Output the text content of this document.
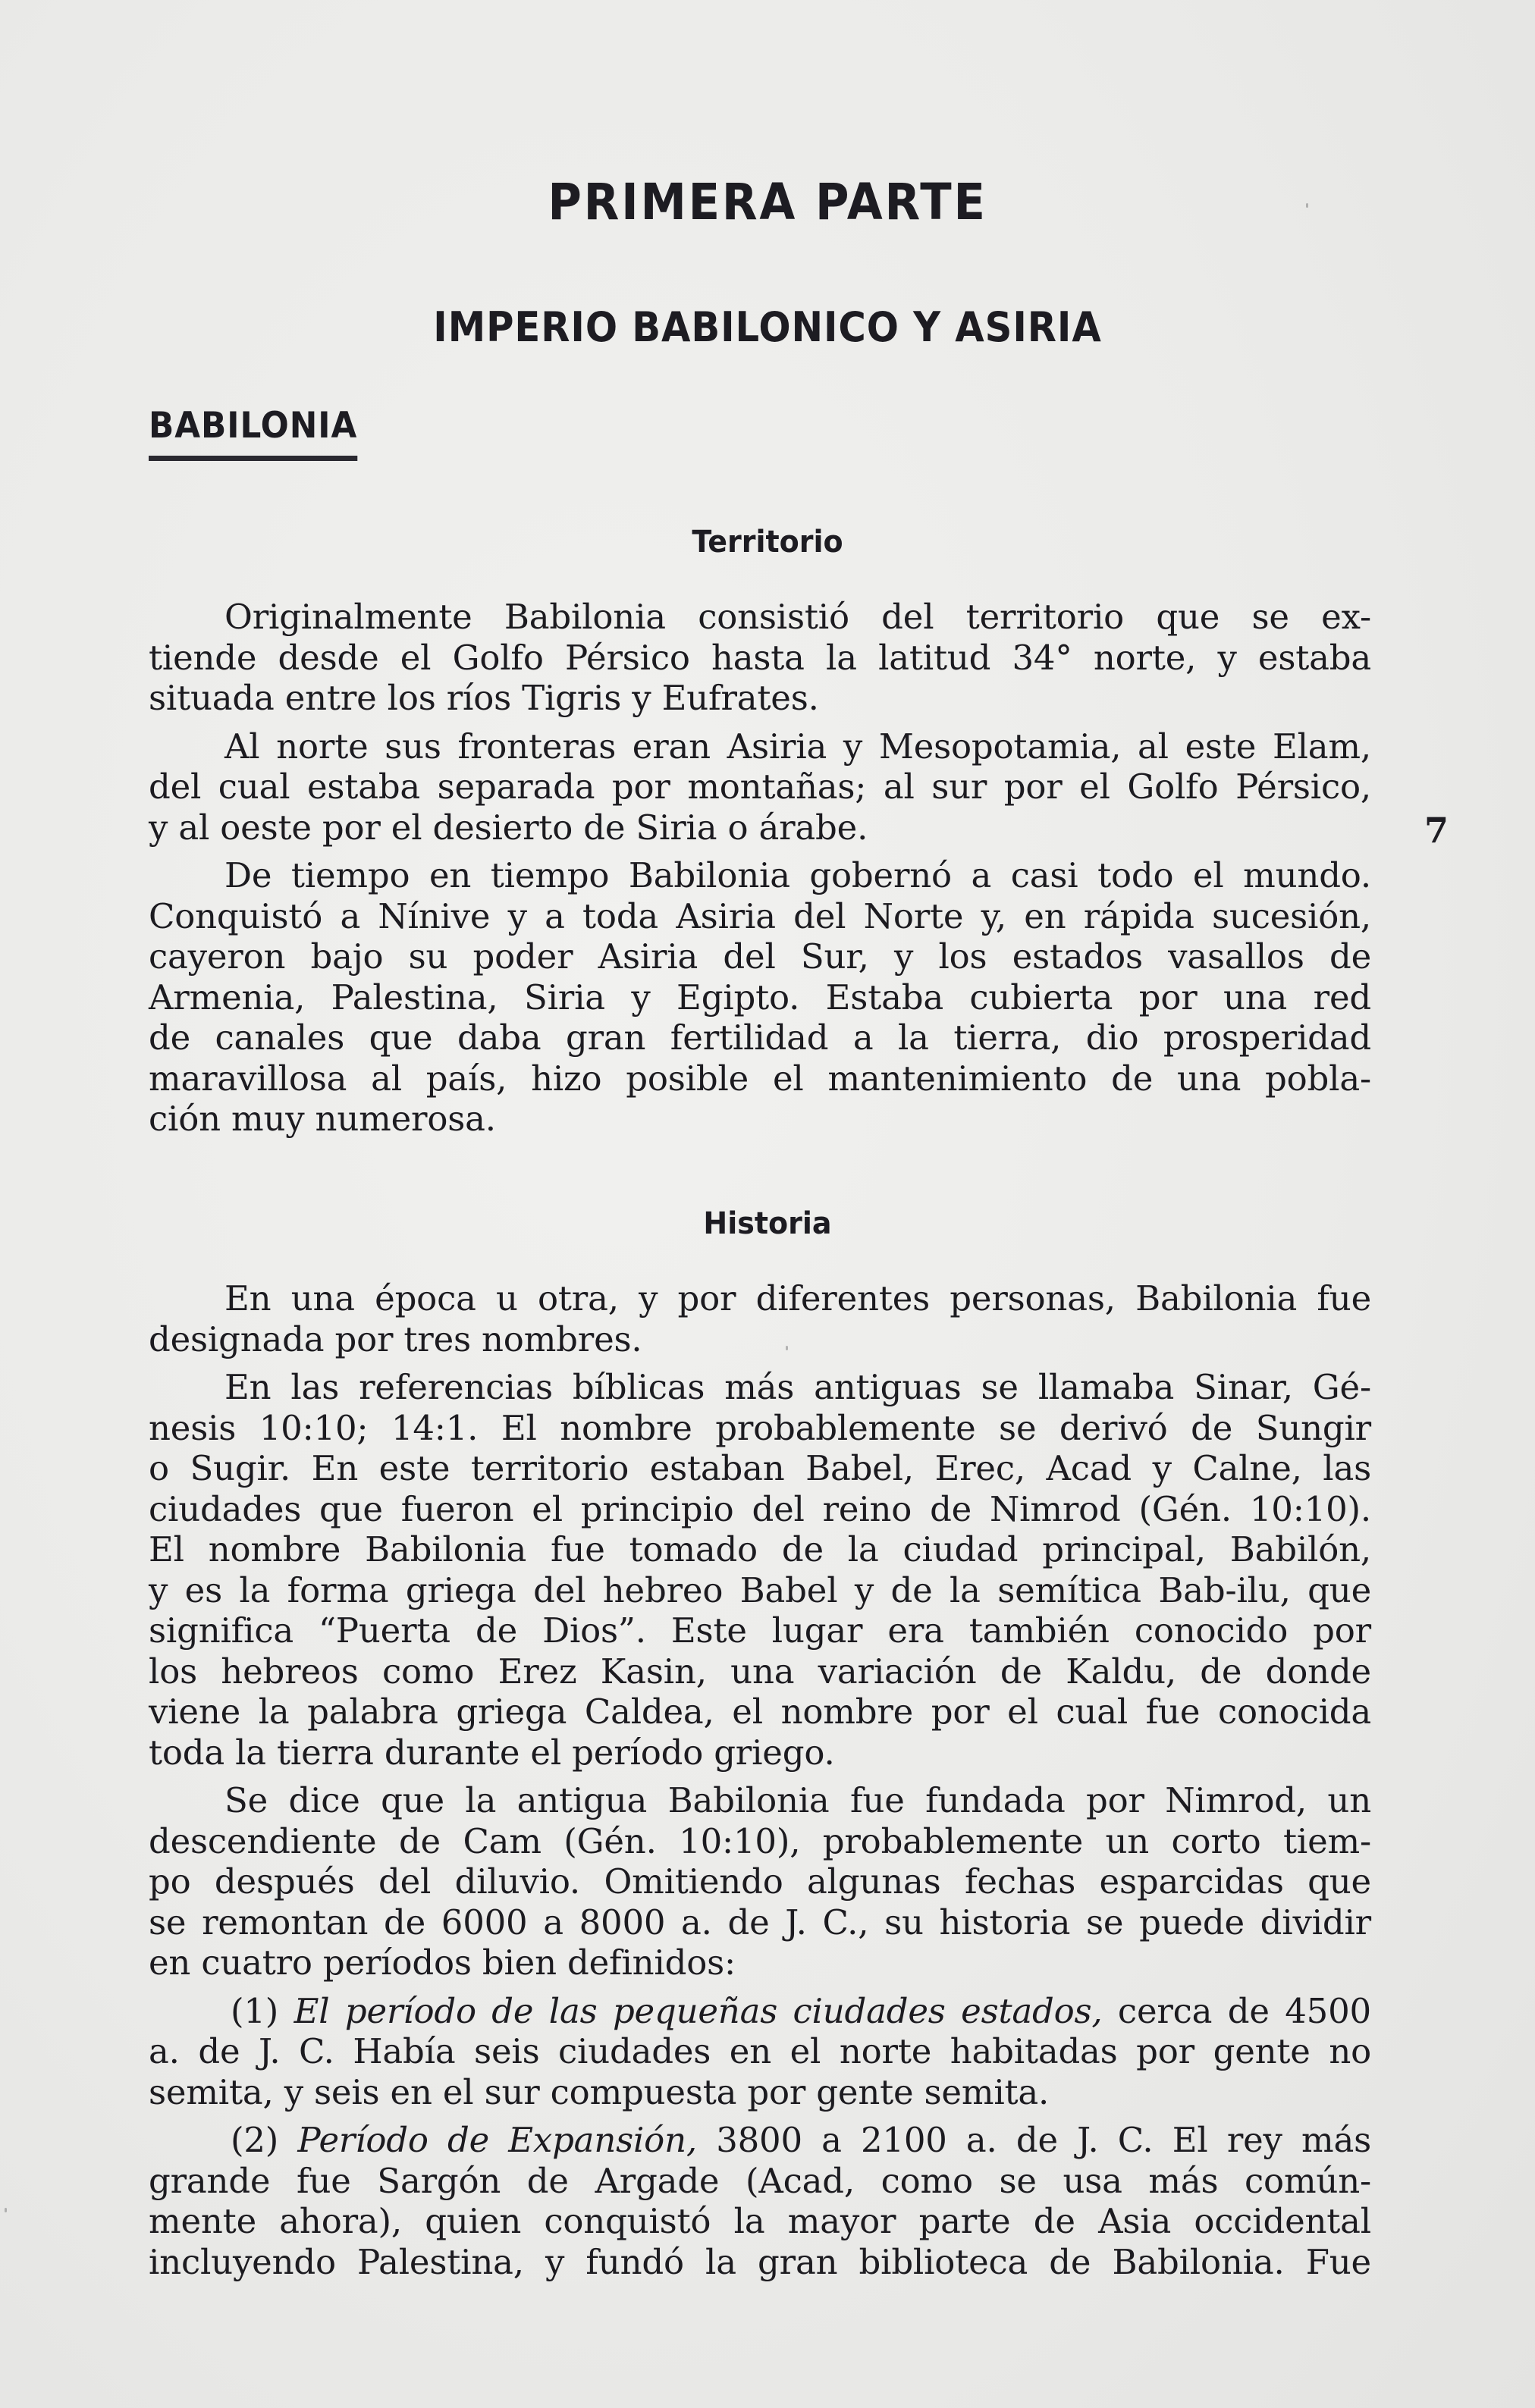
PRIMERA PARTE
IMPERIO BABILONICO Y ASIRIA
BABILONIA
Territorio

Originalmente Babilonia consistió del territorio que se ex-
tiende desde el Golfo Pérsico hasta la latitud 34° norte, y estaba
situada entre los ríos Tigris y Eufrates.

Al norte sus fronteras eran Asiria y Mesopotamia, al este Elam,
del cual estaba separada por montañas; al sur por el Golfo Pérsico,
y al oeste por el desierto de Siria o árabe.

De tiempo en tiempo Babilonia gobernó a casi todo el mundo.
Conquistó a Nínive y a toda Asiria del Norte y, en rápida sucesión,
cayeron bajo su poder Asiria del Sur, y los estados vasallos de
Armenia, Palestina, Siria y Egipto. Estaba cubierta por una red
de canales que daba gran fertilidad a la tierra, dio prosperidad
maravillosa al país, hizo posible el mantenimiento de una pobla-
ción muy numerosa.

7
Historia

En una época u otra, y por diferentes personas, Babilonia fue
designada por tres nombres.

En las referencias bíblicas más antiguas se llamaba Sinar, Gé-
nesis 10:10; 14:1. El nombre probablemente se derivó de Sungir
o Sugir. En este territorio estaban Babel, Erec, Acad y Calne, las
ciudades que fueron el principio del reino de Nimrod (Gén. 10:10).
El nombre Babilonia fue tomado de la ciudad principal, Babilón,
y es la forma griega del hebreo Babel y de la semítica Bab-ilu, que
significa “Puerta de Dios”. Este lugar era también conocido por
los hebreos como Erez Kasin, una variación de Kaldu, de donde
viene la palabra griega Caldea, el nombre por el cual fue conocida
toda la tierra durante el período griego.

Se dice que la antigua Babilonia fue fundada por Nimrod, un
descendiente de Cam (Gén. 10:10), probablemente un corto tiem-
po después del diluvio. Omitiendo algunas fechas esparcidas que
se remontan de 6000 a 8000 a. de J. C., su historia se puede dividir
en cuatro períodos bien definidos:

(1) El período de las pequeñas ciudades estados, cerca de 4500
a. de J. C. Había seis ciudades en el norte habitadas por gente no
semita, y seis en el sur compuesta por gente semita.

(2) Período de Expansión, 3800 a 2100 a. de J. C. El rey más
grande fue Sargón de Argade (Acad, como se usa más común-
mente ahora), quien conquistó la mayor parte de Asia occidental
incluyendo Palestina, y fundó la gran biblioteca de Babilonia. Fue
